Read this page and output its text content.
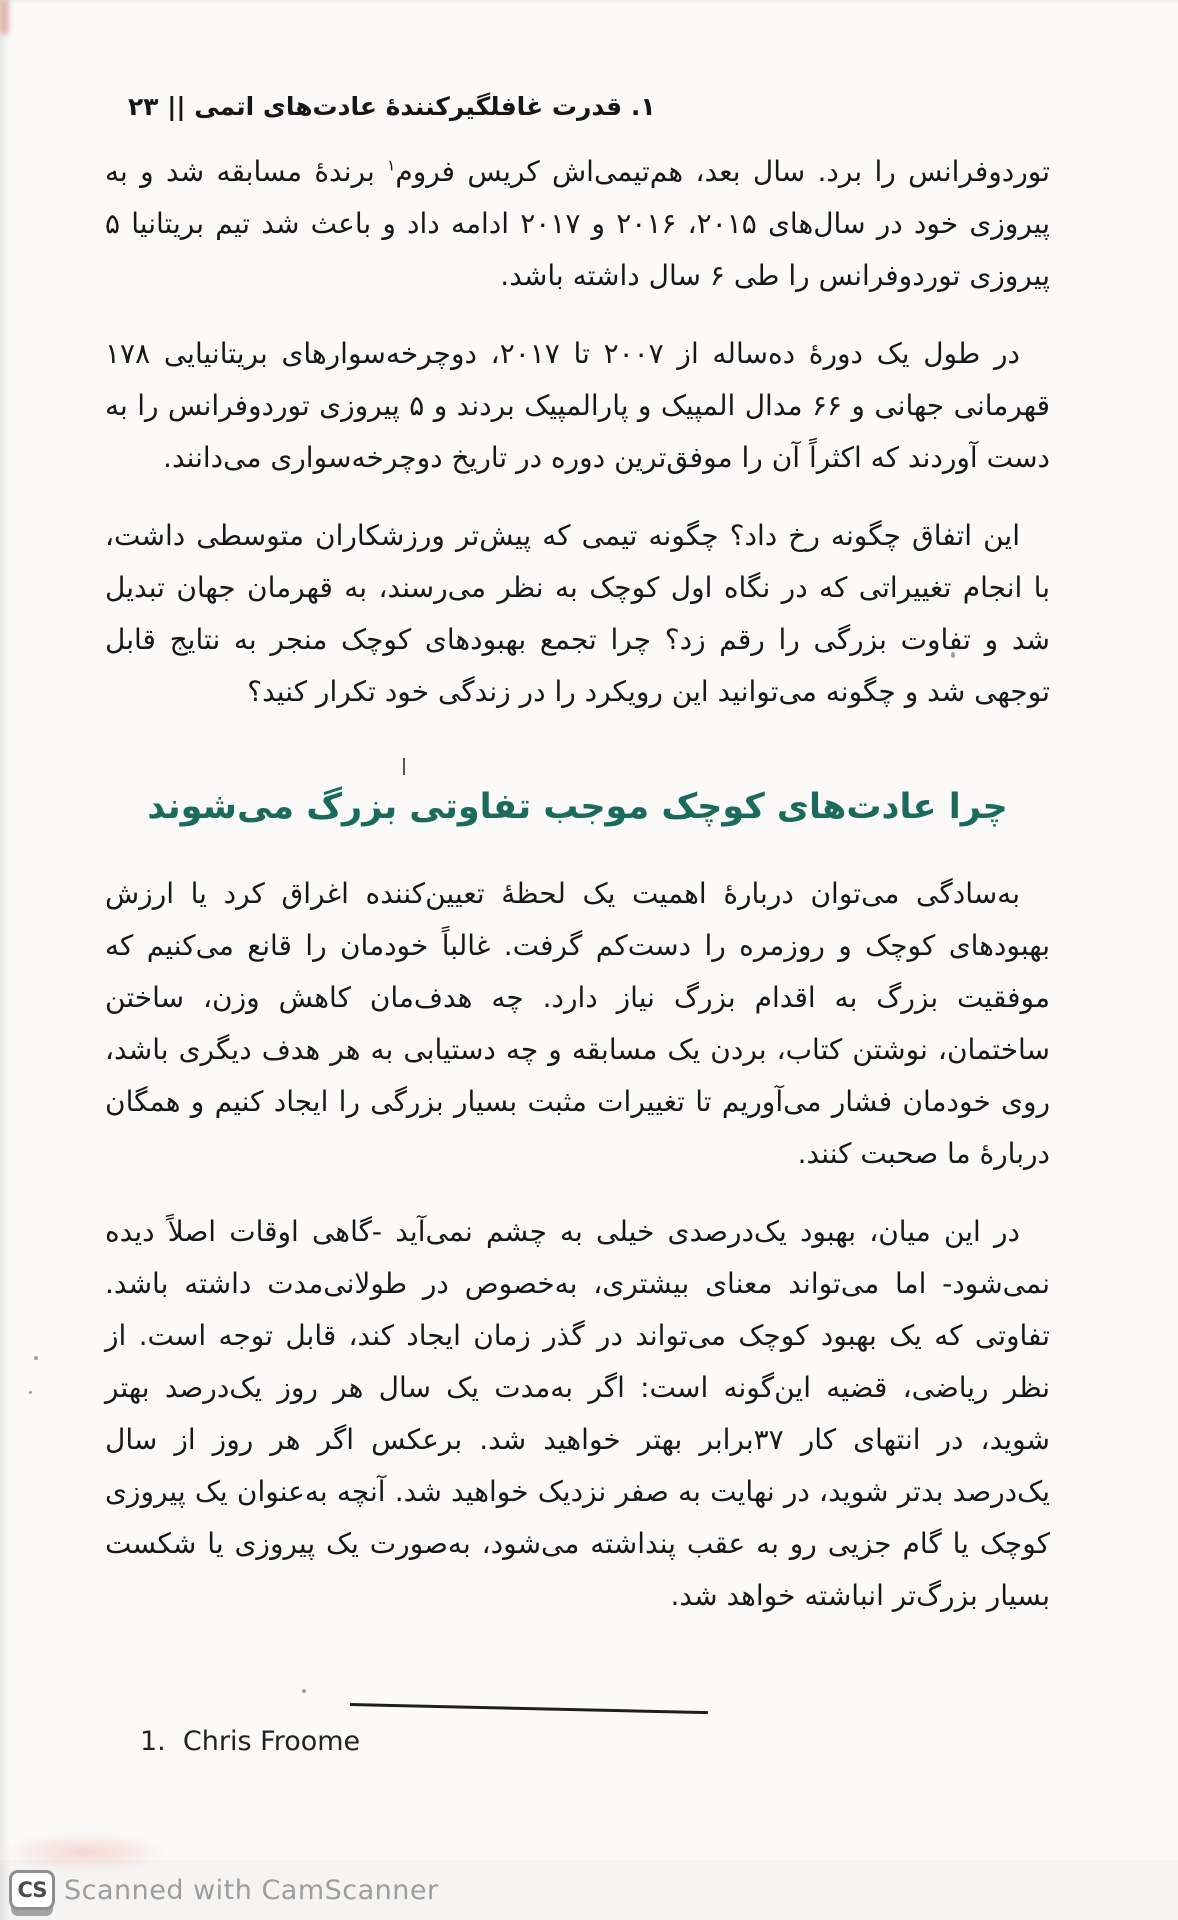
۱. قدرت غافلگیرکنندهٔ عادت‌های اتمی || ۲۳

توردوفرانس را برد. سال بعد، هم‌تیمی‌اش کریس فروم$^۱$ برندهٔ مسابقه شد و به پیروزی خود در سال‌های ۲۰۱۵، ۲۰۱۶ و ۲۰۱۷ ادامه داد و باعث شد تیم بریتانیا ۵ پیروزی توردوفرانس را طی ۶ سال داشته باشد.

در طول یک دورهٔ ده‌ساله از ۲۰۰۷ تا ۲۰۱۷، دوچرخه‌سوارهای بریتانیایی ۱۷۸ قهرمانی جهانی و ۶۶ مدال المپیک و پارالمپیک بردند و ۵ پیروزی توردوفرانس را به دست آوردند که اکثراً آن را موفق‌ترین دوره در تاریخ دوچرخه‌سواری می‌دانند.

این اتفاق چگونه رخ داد؟ چگونه تیمی که پیش‌تر ورزشکاران متوسطی داشت، با انجام تغییراتی که در نگاه اول کوچک به نظر می‌رسند، به قهرمان جهان تبدیل شد و تفاوت بزرگی را رقم زد؟ چرا تجمع بهبودهای کوچک منجر به نتایج قابل توجهی شد و چگونه می‌توانید این رویکرد را در زندگی خود تکرار کنید؟

چرا عادت‌های کوچک موجب تفاوتی بزرگ می‌شوند

به‌سادگی می‌توان دربارهٔ اهمیت یک لحظهٔ تعیین‌کننده اغراق کرد یا ارزش بهبودهای کوچک و روزمره را دست‌کم گرفت. غالباً خودمان را قانع می‌کنیم که موفقیت بزرگ به اقدام بزرگ نیاز دارد. چه هدف‌مان کاهش وزن، ساختن ساختمان، نوشتن کتاب، بردن یک مسابقه و چه دستیابی به هر هدف دیگری باشد، روی خودمان فشار می‌آوریم تا تغییرات مثبت بسیار بزرگی را ایجاد کنیم و همگان دربارهٔ ما صحبت کنند.

در این میان، بهبود یک‌درصدی خیلی به چشم نمی‌آید -گاهی اوقات اصلاً دیده نمی‌شود- اما می‌تواند معنای بیشتری، به‌خصوص در طولانی‌مدت داشته باشد. تفاوتی که یک بهبود کوچک می‌تواند در گذر زمان ایجاد کند، قابل توجه است. از نظر ریاضی، قضیه این‌گونه است: اگر به‌مدت یک سال هر روز یک‌درصد بهتر شوید، در انتهای کار ۳۷برابر بهتر خواهید شد. برعکس اگر هر روز از سال یک‌درصد بدتر شوید، در نهایت به صفر نزدیک خواهید شد. آنچه به‌عنوان یک پیروزی کوچک یا گام جزیی رو به عقب پنداشته می‌شود، به‌صورت یک پیروزی یا شکست بسیار بزرگ‌تر انباشته خواهد شد.

1.  Chris Froome
CS Scanned with CamScanner
